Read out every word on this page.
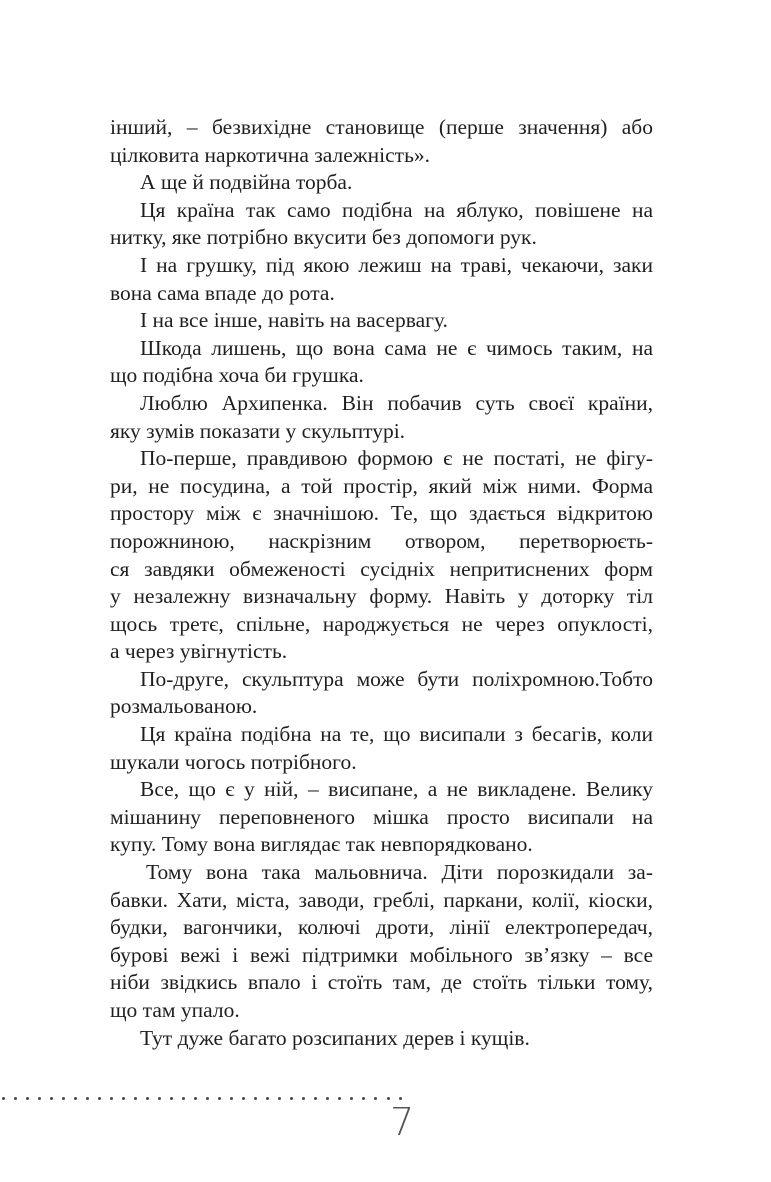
інший, – безвихідне становище (перше значення) або
цілковита наркотична залежність».
А ще й подвійна торба.
Ця країна так само подібна на яблуко, повішене на
нитку, яке потрібно вкусити без допомоги рук.
І на грушку, під якою лежиш на траві, чекаючи, заки
вона сама впаде до рота.
І на все інше, навіть на васервагу.
Шкода лишень, що вона сама не є чимось таким, на
що подібна хоча би грушка.
Люблю Архипенка. Він побачив суть своєї країни,
яку зумів показати у скульптурі.
По-перше, правдивою формою є не постаті, не фігу-
ри, не посудина, а той простір, який між ними. Форма
простору між є значнішою. Те, що здається відкритою
порожниною, наскрізним отвором, перетворюєть-
ся завдяки обмеженості сусідніх непритиснених форм
у незалежну визначальну форму. Навіть у доторку тіл
щось третє, спільне, народжується не через опуклості,
а через увігнутість.
По-друге, скульптура може бути поліхромною.Тобто
розмальованою.
Ця країна подібна на те, що висипали з бесагів, коли
шукали чогось потрібного.
Все, що є у ній, – висипане, а не викладене. Велику
мішанину переповненого мішка просто висипали на
купу. Тому вона виглядає так невпорядковано.
Тому вона така мальовнича. Діти порозкидали за-
бавки. Хати, міста, заводи, греблі, паркани, колії, кіоски,
будки, вагончики, колючі дроти, лінії електропередач,
бурові вежі і вежі підтримки мобільного зв’язку – все
ніби звідкись впало і стоїть там, де стоїть тільки тому,
що там упало.
Тут дуже багато розсипаних дерев і кущів.
7
